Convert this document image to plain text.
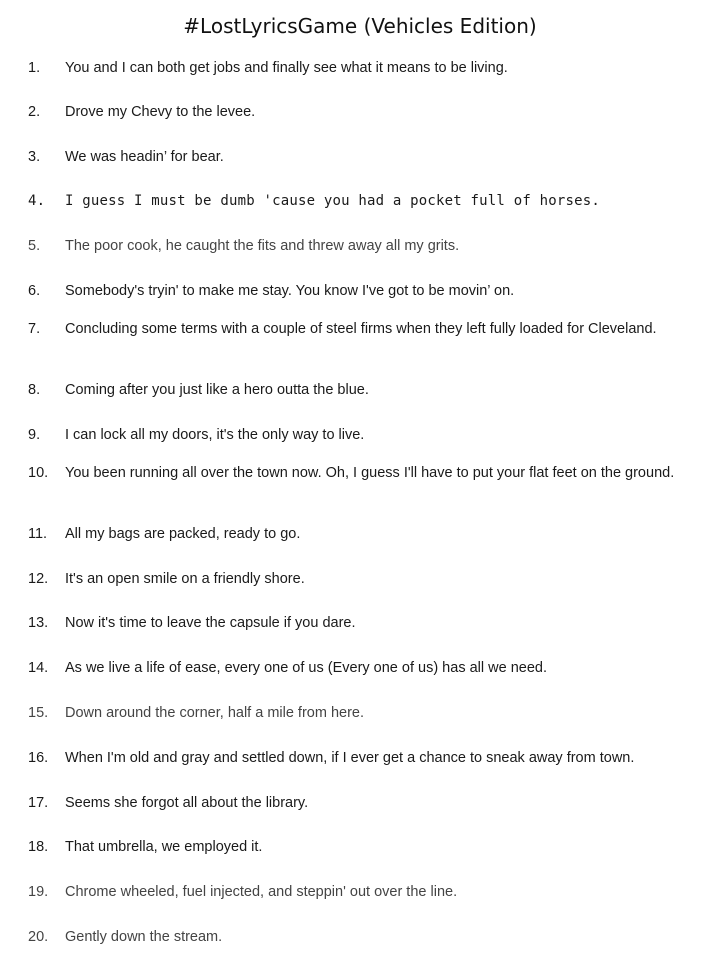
#LostLyricsGame (Vehicles Edition)
1.	You and I can both get jobs and finally see what it means to be living.
2.	Drove my Chevy to the levee.
3.	We was headin’ for bear.
4.	I guess I must be dumb 'cause you had a pocket full of horses.
5.	The poor cook, he caught the fits and threw away all my grits.
6.	Somebody's tryin' to make me stay. You know I've got to be movin’ on.
7.	Concluding some terms with a couple of steel firms when they left fully loaded for Cleveland.
8.	Coming after you just like a hero outta the blue.
9.	I can lock all my doors, it's the only way to live.
10.	You been running all over the town now. Oh, I guess I'll have to put your flat feet on the ground.
11.	All my bags are packed, ready to go.
12.	It's an open smile on a friendly shore.
13.	Now it's time to leave the capsule if you dare.
14.	As we live a life of ease, every one of us (Every one of us) has all we need.
15.	Down around the corner, half a mile from here.
16.	When I'm old and gray and settled down, if I ever get a chance to sneak away from town.
17.	Seems she forgot all about the library.
18.	That umbrella, we employed it.
19.	Chrome wheeled, fuel injected, and steppin' out over the line.
20.	Gently down the stream.
